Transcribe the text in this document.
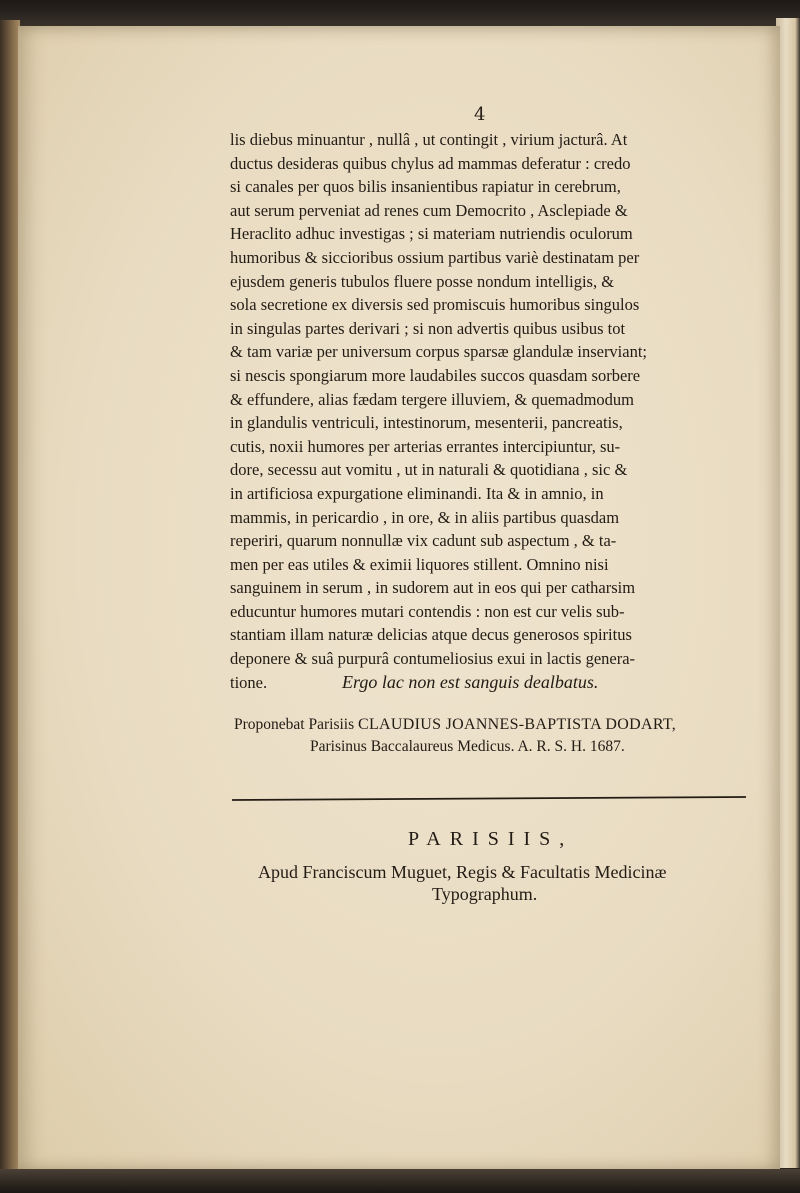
4
lis diebus minuantur , nullâ , ut contingit , virium jacturâ. At
ductus desideras quibus chylus ad mammas deferatur : credo
si canales per quos bilis insanientibus rapiatur in cerebrum,
aut serum perveniat ad renes cum Democrito , Asclepiade &
Heraclito adhuc investigas ; si materiam nutriendis oculorum
humoribus & siccioribus ossium partibus variè destinatam per
ejusdem generis tubulos fluere posse nondum intelligis, &
sola secretione ex diversis sed promiscuis humoribus singulos
in singulas partes derivari ; si non advertis quibus usibus tot
& tam variæ per universum corpus sparsæ glandulæ inserviant;
si nescis spongiarum more laudabiles succos quasdam sorbere
& effundere, alias fædam tergere illuviem, & quemadmodum
in glandulis ventriculi, intestinorum, mesenterii, pancreatis,
cutis, noxii humores per arterias errantes intercipiuntur, su-
dore, secessu aut vomitu , ut in naturali & quotidiana , sic &
in artificiosa expurgatione eliminandi. Ita & in amnio, in
mammis, in pericardio , in ore, & in aliis partibus quasdam
reperiri, quarum nonnullæ vix cadunt sub aspectum , & ta-
men per eas utiles & eximii liquores stillent. Omnino nisi
sanguinem in serum , in sudorem aut in eos qui per catharsim
educuntur humores mutari contendis : non est cur velis sub-
stantiam illam naturæ delicias atque decus generosos spiritus
deponere & suâ purpurâ contumeliosius exui in lactis genera-
tione.	Ergo lac non est sanguis dealbatus.
Proponebat Parisiis CLAUDIUS JOANNES-BAPTISTA DODART,
Parisinus Baccalaureus Medicus. A. R. S. H. 1687.
PARISIIS,
Apud Franciscum Muguet, Regis & Facultatis Medicinæ
Typographum.
